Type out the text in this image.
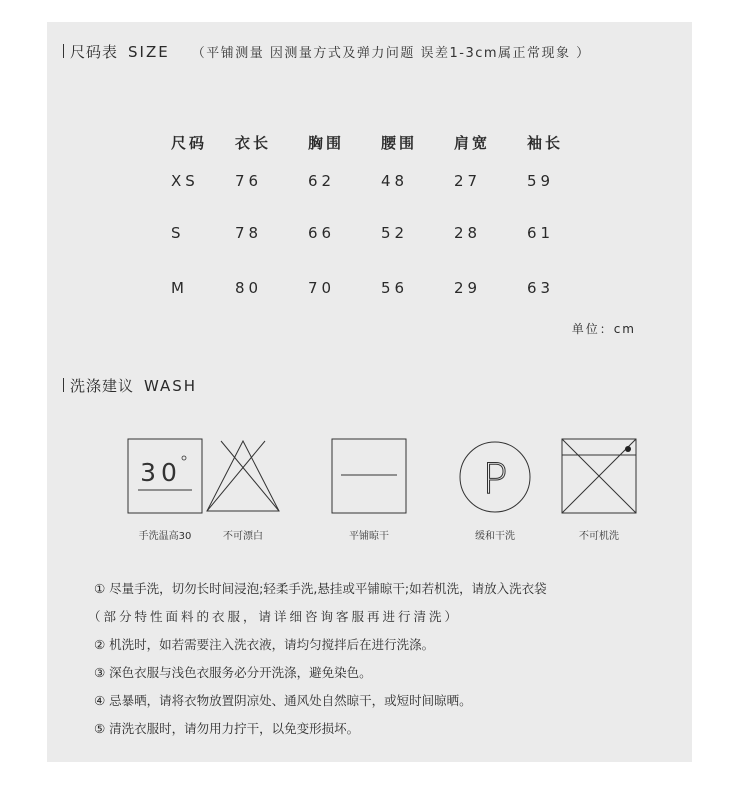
尺码表 SIZE （平铺测量 因测量方式及弹力问题 误差1-3cm属正常现象 ）
尺码	衣长	胸围	腰围	肩宽	袖长
XS	76	62	48	27	59
S	78	66	52	28	61
M	80	70	56	29	63
单位：cm
洗涤建议 WASH
30
手洗温高30	不可漂白	平铺晾干
P
缓和干洗	不可机洗
① 尽量手洗，切勿长时间浸泡;轻柔手洗,悬挂或平铺晾干;如若机洗，请放入洗衣袋
（部分特性面料的衣服，请详细咨询客服再进行清洗）
② 机洗时，如若需要注入洗衣液，请均匀搅拌后在进行洗涤。
③ 深色衣服与浅色衣服务必分开洗涤，避免染色。
④ 忌暴晒，请将衣物放置阴凉处、通风处自然晾干，或短时间晾晒。
⑤ 清洗衣服时，请勿用力拧干，以免变形损坏。
